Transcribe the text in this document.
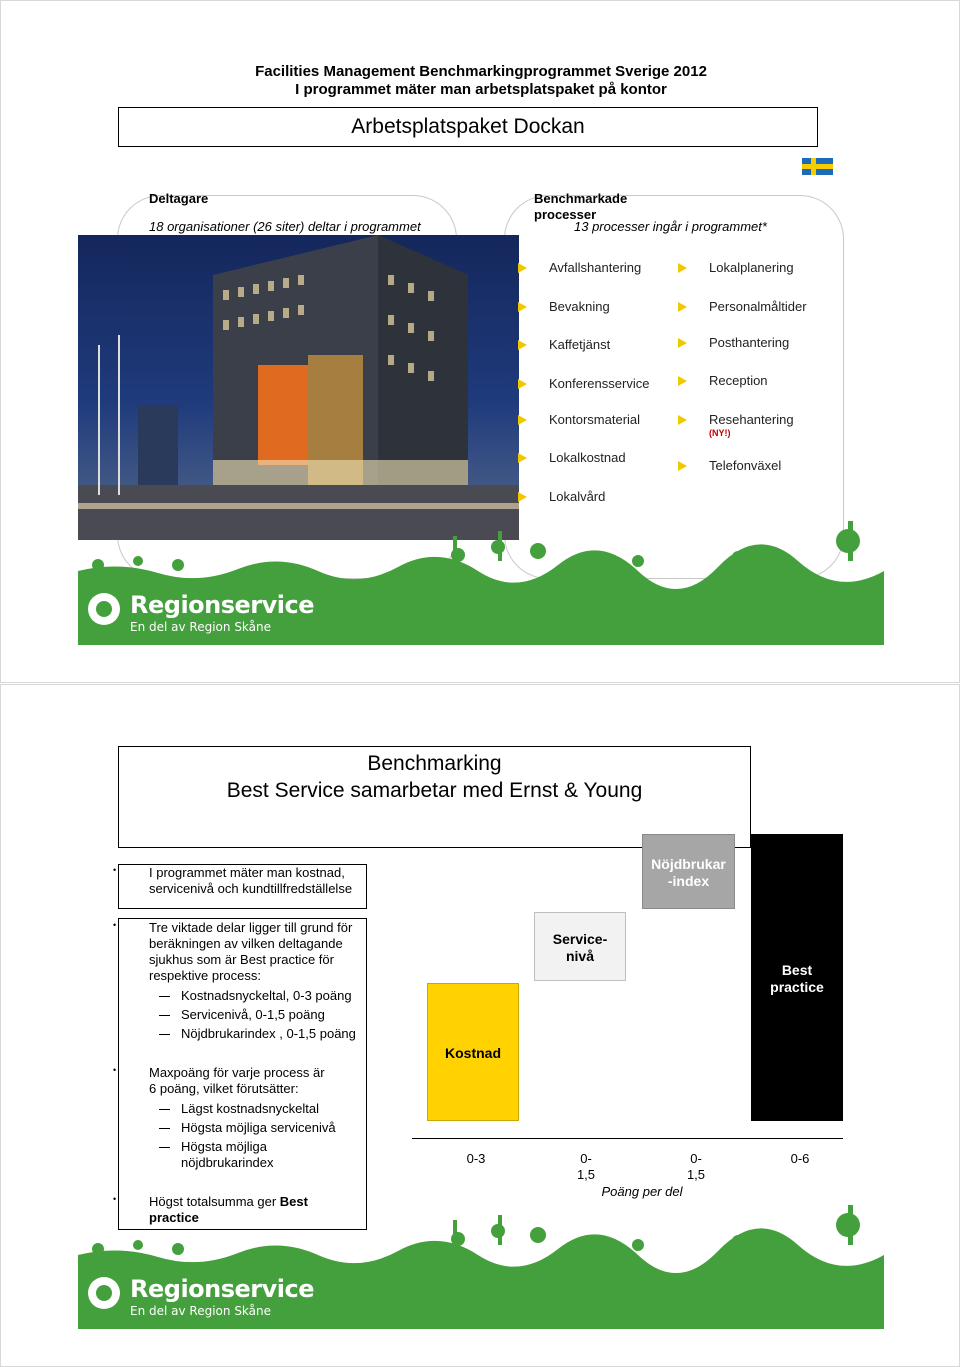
Facilities Management Benchmarkingprogrammet Sverige 2012
I programmet mäter man arbetsplatspaket på kontor
Arbetsplatspaket Dockan
Deltagare
18 organisationer (26 siter) deltar i programmet
Benchmarkade
processer
13 processer ingår i programmet*
Avfallshantering
Bevakning
Kaffetjänst
Konferensservice
Kontorsmaterial
Lokalkostnad
Lokalvård
Lokalplanering
Personalmåltider
Posthantering
Reception
Resehantering
(NY!)
Telefonväxel
Regionservice
En del av Region Skåne
Benchmarking
Best Service samarbetar med Ernst & Young
•	I programmet mäter man kostnad,
servicenivå och kundtillfredställelse
•	Tre viktade delar ligger till grund för
beräkningen av vilken deltagande
sjukhus som är Best practice för
respektive process:
Kostnadsnyckeltal, 0-3 poäng
Servicenivå, 0-1,5 poäng
Nöjdbrukarindex , 0-1,5 poäng
•	Maxpoäng för varje process är
6 poäng, vilket förutsätter:
Lägst kostnadsnyckeltal
Högsta möjliga servicenivå
Högsta möjliga
nöjdbrukarindex
•	Högst totalsumma ger Best
practice
Kostnad
Service-
nivå
Nöjdbrukar
-index
Best
practice
0-3	0-
1,5
0-
1,5
0-6
Poäng per del
Regionservice
En del av Region Skåne
